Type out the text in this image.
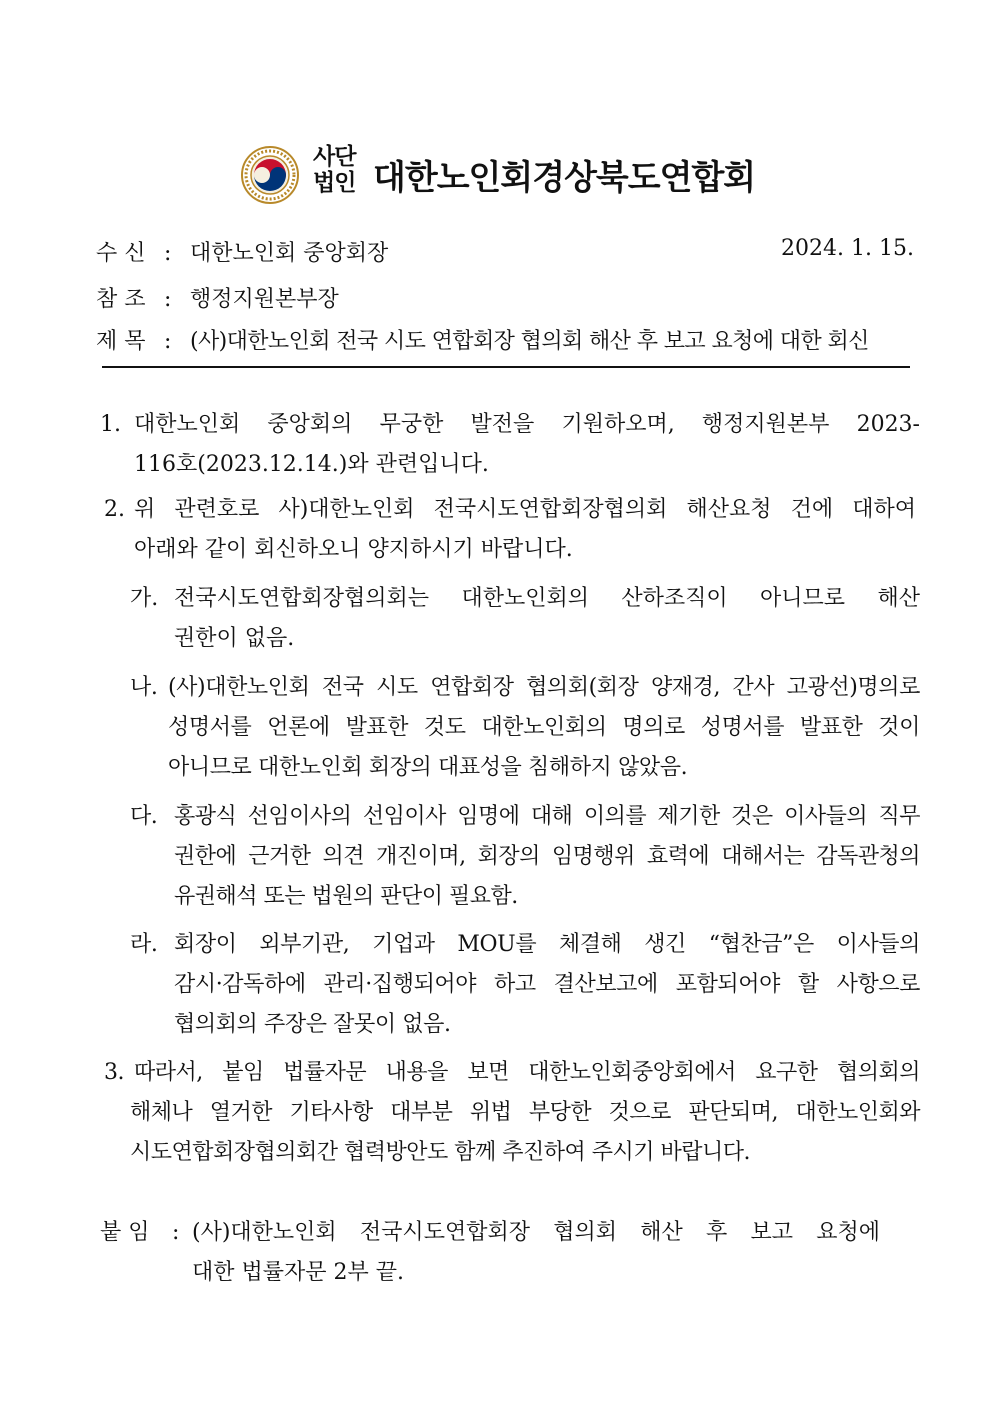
사단
법인 대한노인회경상북도연합회
수 신 : 대한노인회 중앙회장	2024. 1. 15.
참 조 : 행정지원본부장
제 목 : (사)대한노인회 전국 시도 연합회장 협의회 해산 후 보고 요청에 대한 회신
1. 대한노인회 중앙회의 무궁한 발전을 기원하오며, 행정지원본부 2023-
116호(2023.12.14.)와 관련입니다.
2. 위 관련호로 사)대한노인회 전국시도연합회장협의회 해산요청 건에 대하여
아래와 같이 회신하오니 양지하시기 바랍니다.
가. 전국시도연합회장협의회는 대한노인회의 산하조직이 아니므로 해산
권한이 없음.
나. (사)대한노인회 전국 시도 연합회장 협의회(회장 양재경, 간사 고광선)명의로
성명서를 언론에 발표한 것도 대한노인회의 명의로 성명서를 발표한 것이
아니므로 대한노인회 회장의 대표성을 침해하지 않았음.
다. 홍광식 선임이사의 선임이사 임명에 대해 이의를 제기한 것은 이사들의 직무
권한에 근거한 의견 개진이며, 회장의 임명행위 효력에 대해서는 감독관청의
유권해석 또는 법원의 판단이 필요함.
라. 회장이 외부기관, 기업과 MOU를 체결해 생긴 “협찬금”은 이사들의
감시·감독하에 관리·집행되어야 하고 결산보고에 포함되어야 할 사항으로
협의회의 주장은 잘못이 없음.
3. 따라서, 붙임 법률자문 내용을 보면 대한노인회중앙회에서 요구한 협의회의
해체나 열거한 기타사항 대부분 위법 부당한 것으로 판단되며, 대한노인회와
시도연합회장협의회간 협력방안도 함께 추진하여 주시기 바랍니다.
붙 임	: (사)대한노인회 전국시도연합회장 협의회 해산 후 보고 요청에
대한 법률자문 2부 끝.
